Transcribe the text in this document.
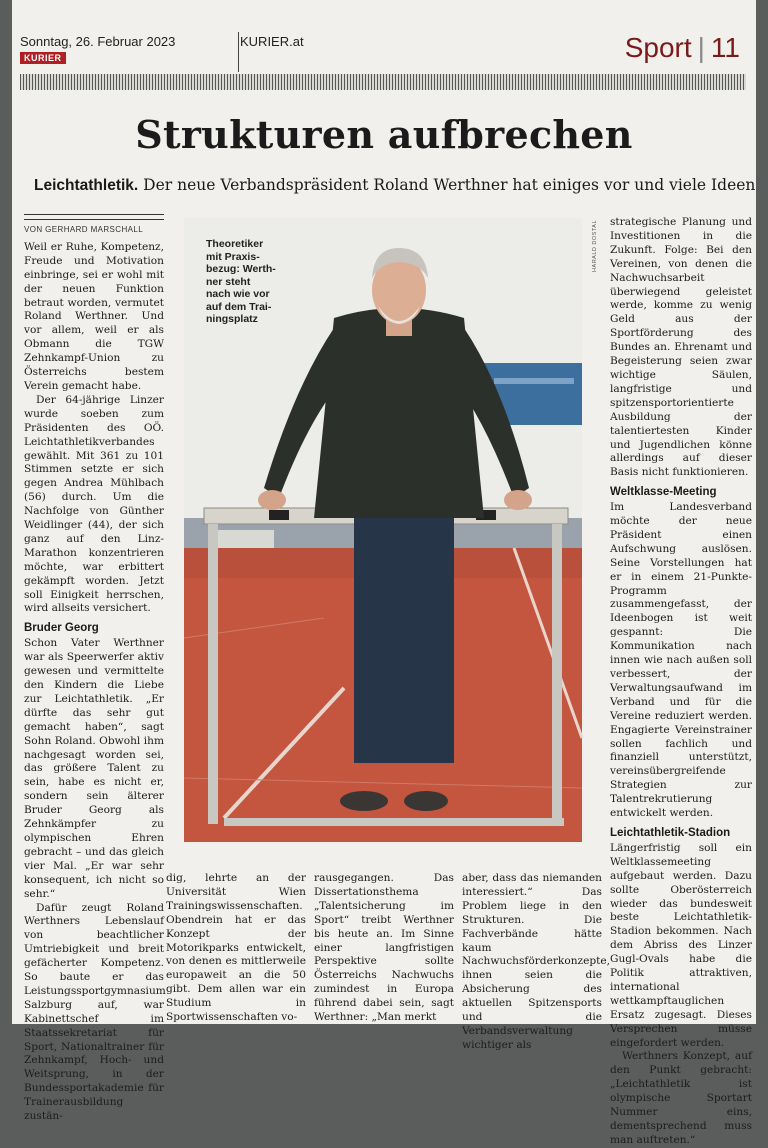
Sonntag, 26. Februar 2023
KURIER
KURIER.at	Sport | 11
Strukturen aufbrechen
Leichtathletik. Der neue Verbandspräsident Roland Werthner hat einiges vor und viele Ideen
VON GERHARD MARSCHALL

Weil er Ruhe, Kompetenz, Freude und Motivation einbringe, sei er wohl mit der neuen Funktion betraut worden, vermutet Roland Werthner. Und vor allem, weil er als Obmann die TGW Zehnkampf-Union zu Österreichs bestem Verein gemacht habe.

Der 64-jährige Linzer wurde soeben zum Präsidenten des OÖ. Leichtathletikverbandes gewählt. Mit 361 zu 101 Stimmen setzte er sich gegen Andrea Mühlbach (56) durch. Um die Nachfolge von Günther Weidlinger (44), der sich ganz auf den Linz-Marathon konzentrieren möchte, war erbittert gekämpft worden. Jetzt soll Einigkeit herrschen, wird allseits versichert.

Bruder Georg

Schon Vater Werthner war als Speerwerfer aktiv gewesen und vermittelte den Kindern die Liebe zur Leichtathletik. „Er dürfte das sehr gut gemacht haben“, sagt Sohn Roland. Obwohl ihm nachgesagt worden sei, das größere Talent zu sein, habe es nicht er, sondern sein älterer Bruder Georg als Zehnkämpfer zu olympischen Ehren gebracht – und das gleich vier Mal. „Er war sehr konsequent, ich nicht so sehr.“

Dafür zeugt Roland Werthners Lebenslauf von beachtlicher Umtriebigkeit und breit gefächerter Kompetenz. So baute er das Leistungssportgymnasium Salzburg auf, war Kabinettschef im Staatssekretariat für Sport, Nationaltrainer für Zehnkampf, Hoch- und Weitsprung, in der Bundessportakademie für Trainerausbildung zustän-

Theoretiker
mit Praxis-
bezug: Werth-
ner steht
nach wie vor
auf dem Trai-
ningsplatz
HARALD DOSTAL strategische Planung und Investitionen in die Zukunft. Folge: Bei den Vereinen, von denen die Nachwuchsarbeit überwiegend geleistet werde, komme zu wenig Geld aus der Sportförderung des Bundes an. Ehrenamt und Begeisterung seien zwar wichtige Säulen, langfristige und spitzensportorientierte Ausbildung der talentiertesten Kinder und Jugendlichen könne allerdings auf dieser Basis nicht funktionieren.

Weltklasse-Meeting

Im Landesverband möchte der neue Präsident einen Aufschwung auslösen. Seine Vorstellungen hat er in einem 21-Punkte-Programm zusammengefasst, der Ideenbogen ist weit gespannt: Die Kommunikation nach innen wie nach außen soll verbessert, der Verwaltungsaufwand im Verband und für die Vereine reduziert werden. Engagierte Vereinstrainer sollen fachlich und finanziell unterstützt, vereinsübergreifende Strategien zur Talentrekrutierung entwickelt werden.

Leichtathletik-Stadion

Längerfristig soll ein Weltklassemeeting aufgebaut werden. Dazu sollte Oberösterreich wieder das bundesweit beste Leichtathletik-Stadion bekommen. Nach dem Abriss des Linzer Gugl-Ovals habe die Politik attraktiven, international wettkampftauglichen Ersatz zugesagt. Dieses Versprechen müsse eingefordert werden.

Werthners Konzept, auf den Punkt gebracht: „Leichtathletik ist olympische Sportart Nummer eins, dementsprechend muss man auftreten.“

dig, lehrte an der Universität Wien Trainingswissenschaften. Obendrein hat er das Konzept der Motorikparks entwickelt, von denen es mittlerweile europaweit an die 50 gibt. Dem allen war ein Studium in Sportwissenschaften vo-

rausgegangen. Das Dissertationsthema „Talentsicherung im Sport“ treibt Werthner bis heute an. Im Sinne einer langfristigen Perspektive sollte Österreichs Nachwuchs zumindest in Europa führend dabei sein, sagt Werthner: „Man merkt

aber, dass das niemanden interessiert.“ Das Problem liege in den Strukturen. Die Fachverbände hätte kaum Nachwuchsförderkonzepte, ihnen seien die Absicherung des aktuellen Spitzensports und die Verbandsverwaltung wichtiger als
